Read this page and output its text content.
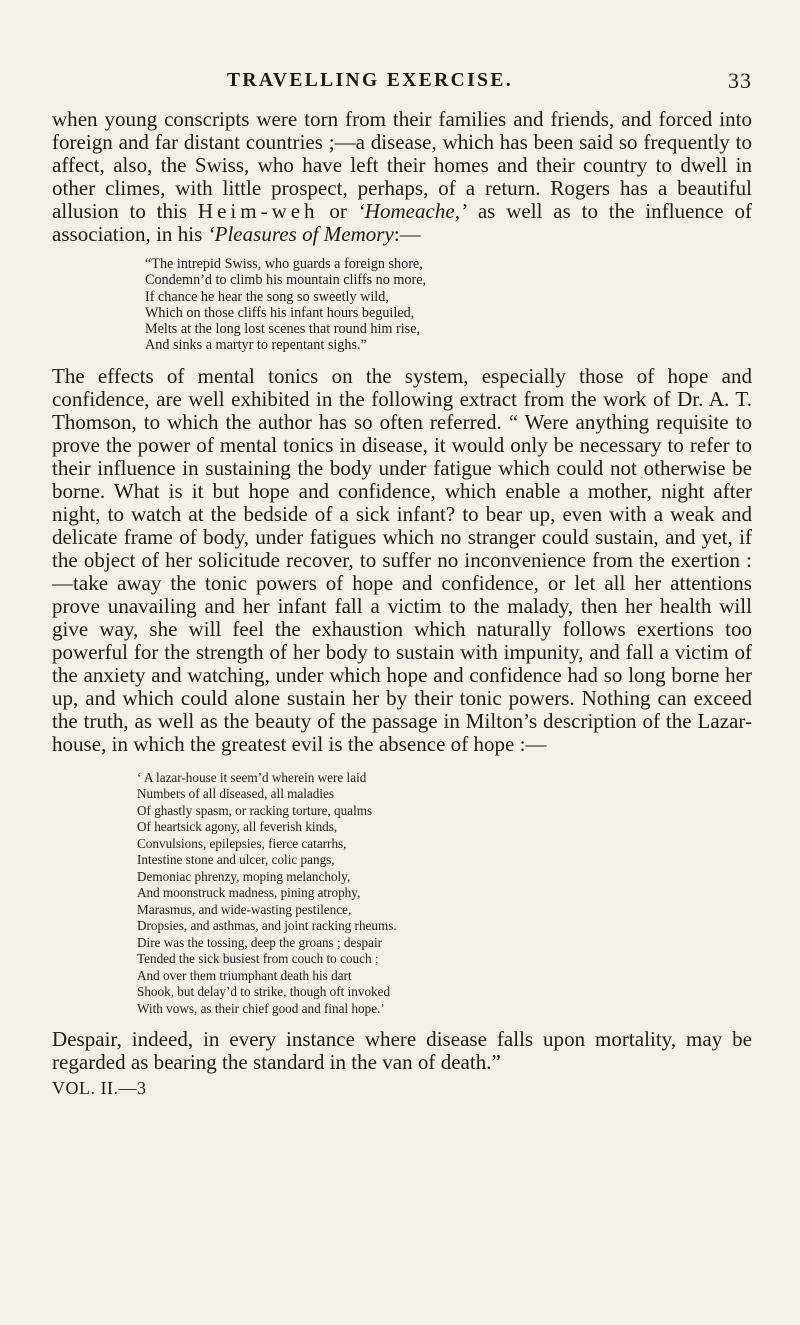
TRAVELLING EXERCISE.	33

when young conscripts were torn from their families and friends, and forced into foreign and far distant countries ;—a disease, which has been said so frequently to affect, also, the Swiss, who have left their homes and their country to dwell in other climes, with little prospect, perhaps, of a return. Rogers has a beautiful allusion to this Heim-weh or ‘Homeache,’ as well as to the influence of association, in his ‘Pleasures of Memory:—

“The intrepid Swiss, who guards a foreign shore,
Condemn’d to climb his mountain cliffs no more,
If chance he hear the song so sweetly wild,
Which on those cliffs his infant hours beguiled,
Melts at the long lost scenes that round him rise,
And sinks a martyr to repentant sighs.”

The effects of mental tonics on the system, especially those of hope and confidence, are well exhibited in the following extract from the work of Dr. A. T. Thomson, to which the author has so often referred. “ Were anything requisite to prove the power of mental tonics in disease, it would only be necessary to refer to their influence in sustaining the body under fatigue which could not otherwise be borne. What is it but hope and confidence, which enable a mother, night after night, to watch at the bedside of a sick infant? to bear up, even with a weak and delicate frame of body, under fatigues which no stranger could sustain, and yet, if the object of her solicitude recover, to suffer no inconvenience from the exertion :—take away the tonic powers of hope and confidence, or let all her attentions prove unavailing and her infant fall a victim to the malady, then her health will give way, she will feel the exhaustion which naturally follows exertions too powerful for the strength of her body to sustain with impunity, and fall a victim of the anxiety and watching, under which hope and confidence had so long borne her up, and which could alone sustain her by their tonic powers. Nothing can exceed the truth, as well as the beauty of the passage in Milton’s description of the Lazar-house, in which the greatest evil is the absence of hope :—

‘ A lazar-house it seem’d wherein were laid
Numbers of all diseased, all maladies
Of ghastly spasm, or racking torture, qualms
Of heartsick agony, all feverish kinds,
Convulsions, epilepsies, fierce catarrhs,
Intestine stone and ulcer, colic pangs,
Demoniac phrenzy, moping melancholy,
And moonstruck madness, pining atrophy,
Marasmus, and wide-wasting pestilence,
Dropsies, and asthmas, and joint racking rheums.
Dire was the tossing, deep the groans ; despair
Tended the sick busiest from couch to couch ;
And over them triumphant death his dart
Shook, but delay’d to strike, though oft invoked
With vows, as their chief good and final hope.’

Despair, indeed, in every instance where disease falls upon mortality, may be regarded as bearing the standard in the van of death.”

VOL. II.—3
